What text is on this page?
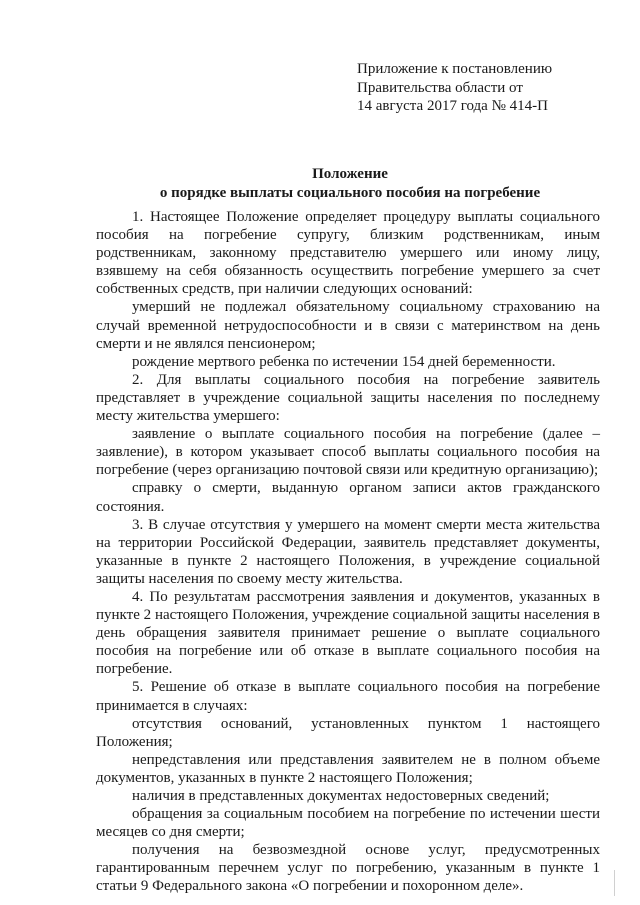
Приложение к постановлению
Правительства области от
14 августа 2017 года № 414-П
Положение
о порядке выплаты социального пособия на погребение

1. Настоящее Положение определяет процедуру выплаты социального пособия на погребение супругу, близким родственникам, иным родственникам, законному представителю умершего или иному лицу, взявшему на себя обязанность осуществить погребение умершего за счет собственных средств, при наличии следующих оснований:

умерший не подлежал обязательному социальному страхованию на случай временной нетрудоспособности и в связи с материнством на день смерти и не являлся пенсионером;

рождение мертвого ребенка по истечении 154 дней беременности.

2. Для выплаты социального пособия на погребение заявитель представляет в учреждение социальной защиты населения по последнему месту жительства умершего:

заявление о выплате социального пособия на погребение (далее – заявление), в котором указывает способ выплаты социального пособия на погребение (через организацию почтовой связи или кредитную организацию);

справку о смерти, выданную органом записи актов гражданского состояния.

3. В случае отсутствия у умершего на момент смерти места жительства на территории Российской Федерации, заявитель представляет документы, указанные в пункте 2 настоящего Положения, в учреждение социальной защиты населения по своему месту жительства.

4. По результатам рассмотрения заявления и документов, указанных в пункте 2 настоящего Положения, учреждение социальной защиты населения в день обращения заявителя принимает решение о выплате социального пособия на погребение или об отказе в выплате социального пособия на погребение.

5. Решение об отказе в выплате социального пособия на погребение принимается в случаях:

отсутствия оснований, установленных пунктом 1 настоящего Положения;

непредставления или представления заявителем не в полном объеме документов, указанных в пункте 2 настоящего Положения;

наличия в представленных документах недостоверных сведений;

обращения за социальным пособием на погребение по истечении шести месяцев со дня смерти;

получения на безвозмездной основе услуг, предусмотренных гарантированным перечнем услуг по погребению, указанным в пункте 1 статьи 9 Федерального закона «О погребении и похоронном деле».
